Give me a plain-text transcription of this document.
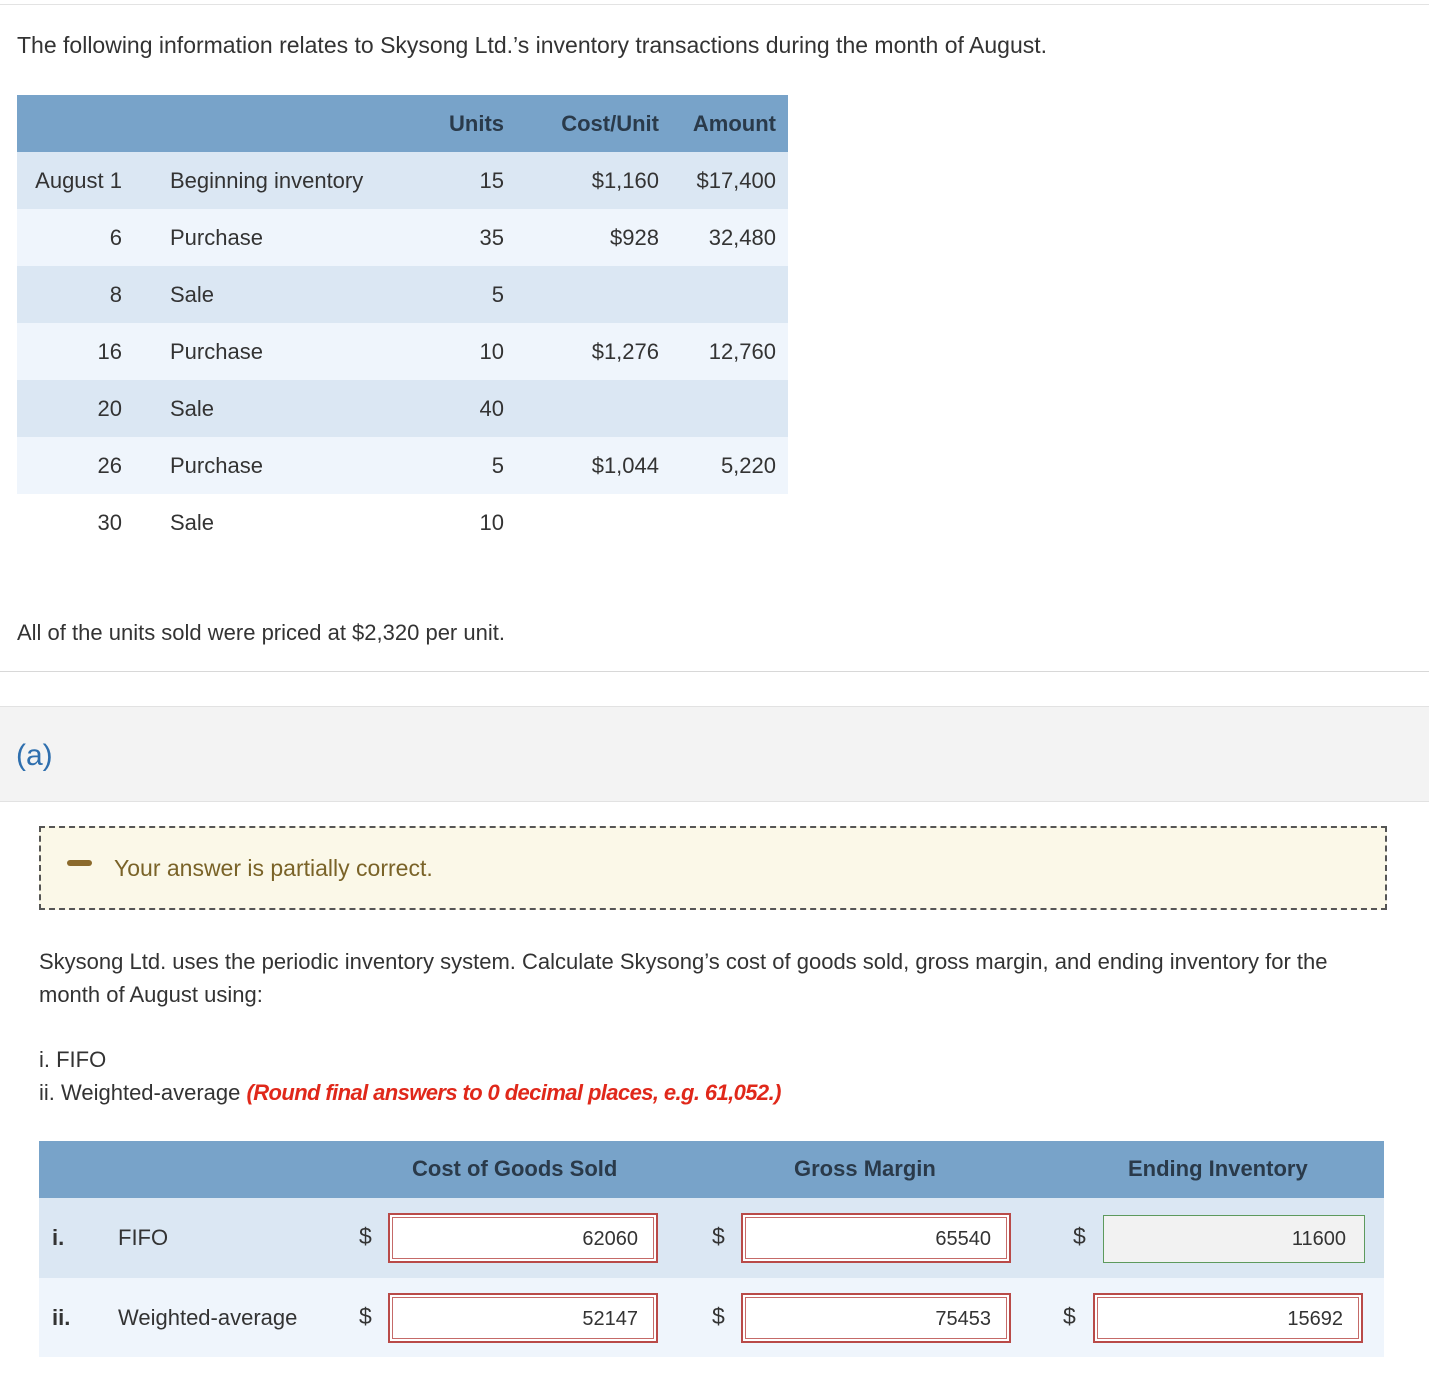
The following information relates to Skysong Ltd.’s inventory transactions during the month of August.
		Units	Cost/Unit	Amount
August 1	Beginning inventory	15	$1,160	$17,400
6	Purchase	35	$928	32,480
8	Sale	5		
16	Purchase	10	$1,276	12,760
20	Sale	40		
26	Purchase	5	$1,044	5,220
30	Sale	10		
All of the units sold were priced at $2,320 per unit.
(a)
Your answer is partially correct.
Skysong Ltd. uses the periodic inventory system. Calculate Skysong’s cost of goods sold, gross margin, and ending inventory for the month of August using:
i. FIFO
ii. Weighted-average (Round final answers to 0 decimal places, e.g. 61,052.)
Cost of Goods Sold	Gross Margin	Ending Inventory
i. FIFO	$	62060	$	65540	$	11600
ii. Weighted-average	$	52147	$	75453	$	15692
